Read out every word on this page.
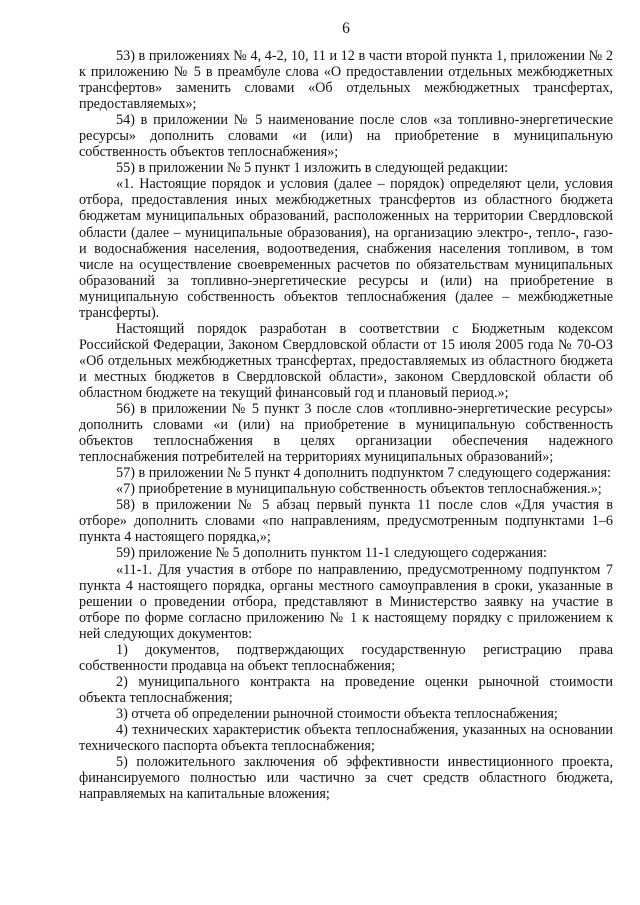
6

53) в приложениях № 4, 4-2, 10, 11 и 12 в части второй пункта 1, приложении № 2 к приложению № 5 в преамбуле слова «О предоставлении отдельных межбюджетных трансфертов» заменить словами «Об отдельных межбюджетных трансфертах, предоставляемых»;

54) в приложении № 5 наименование после слов «за топливно-энергетические ресурсы» дополнить словами «и (или) на приобретение в муниципальную собственность объектов теплоснабжения»;

55) в приложении № 5 пункт 1 изложить в следующей редакции:

«1. Настоящие порядок и условия (далее – порядок) определяют цели, условия отбора, предоставления иных межбюджетных трансфертов из областного бюджета бюджетам муниципальных образований, расположенных на территории Свердловской области (далее – муниципальные образования), на организацию электро-, тепло-, газо- и водоснабжения населения, водоотведения, снабжения населения топливом, в том числе на осуществление своевременных расчетов по обязательствам муниципальных образований за топливно-энергетические ресурсы и (или) на приобретение в муниципальную собственность объектов теплоснабжения (далее – межбюджетные трансферты).

Настоящий порядок разработан в соответствии с Бюджетным кодексом Российской Федерации, Законом Свердловской области от 15 июля 2005 года № 70-ОЗ «Об отдельных межбюджетных трансфертах, предоставляемых из областного бюджета и местных бюджетов в Свердловской области», законом Свердловской области об областном бюджете на текущий финансовый год и плановый период.»;

56) в приложении № 5 пункт 3 после слов «топливно-энергетические ресурсы» дополнить словами «и (или) на приобретение в муниципальную собственность объектов теплоснабжения в целях организации обеспечения надежного теплоснабжения потребителей на территориях муниципальных образований»;

57) в приложении № 5 пункт 4 дополнить подпунктом 7 следующего содержания:

«7) приобретение в муниципальную собственность объектов теплоснабжения.»;

58) в приложении № 5 абзац первый пункта 11 после слов «Для участия в отборе» дополнить словами «по направлениям, предусмотренным подпунктами 1–6 пункта 4 настоящего порядка,»;

59) приложение № 5 дополнить пунктом 11-1 следующего содержания:

«11-1. Для участия в отборе по направлению, предусмотренному подпунктом 7 пункта 4 настоящего порядка, органы местного самоуправления в сроки, указанные в решении о проведении отбора, представляют в Министерство заявку на участие в отборе по форме согласно приложению № 1 к настоящему порядку с приложением к ней следующих документов:

1) документов, подтверждающих государственную регистрацию права собственности продавца на объект теплоснабжения;

2) муниципального контракта на проведение оценки рыночной стоимости объекта теплоснабжения;

3) отчета об определении рыночной стоимости объекта теплоснабжения;

4) технических характеристик объекта теплоснабжения, указанных на основании технического паспорта объекта теплоснабжения;

5) положительного заключения об эффективности инвестиционного проекта, финансируемого полностью или частично за счет средств областного бюджета, направляемых на капитальные вложения;
